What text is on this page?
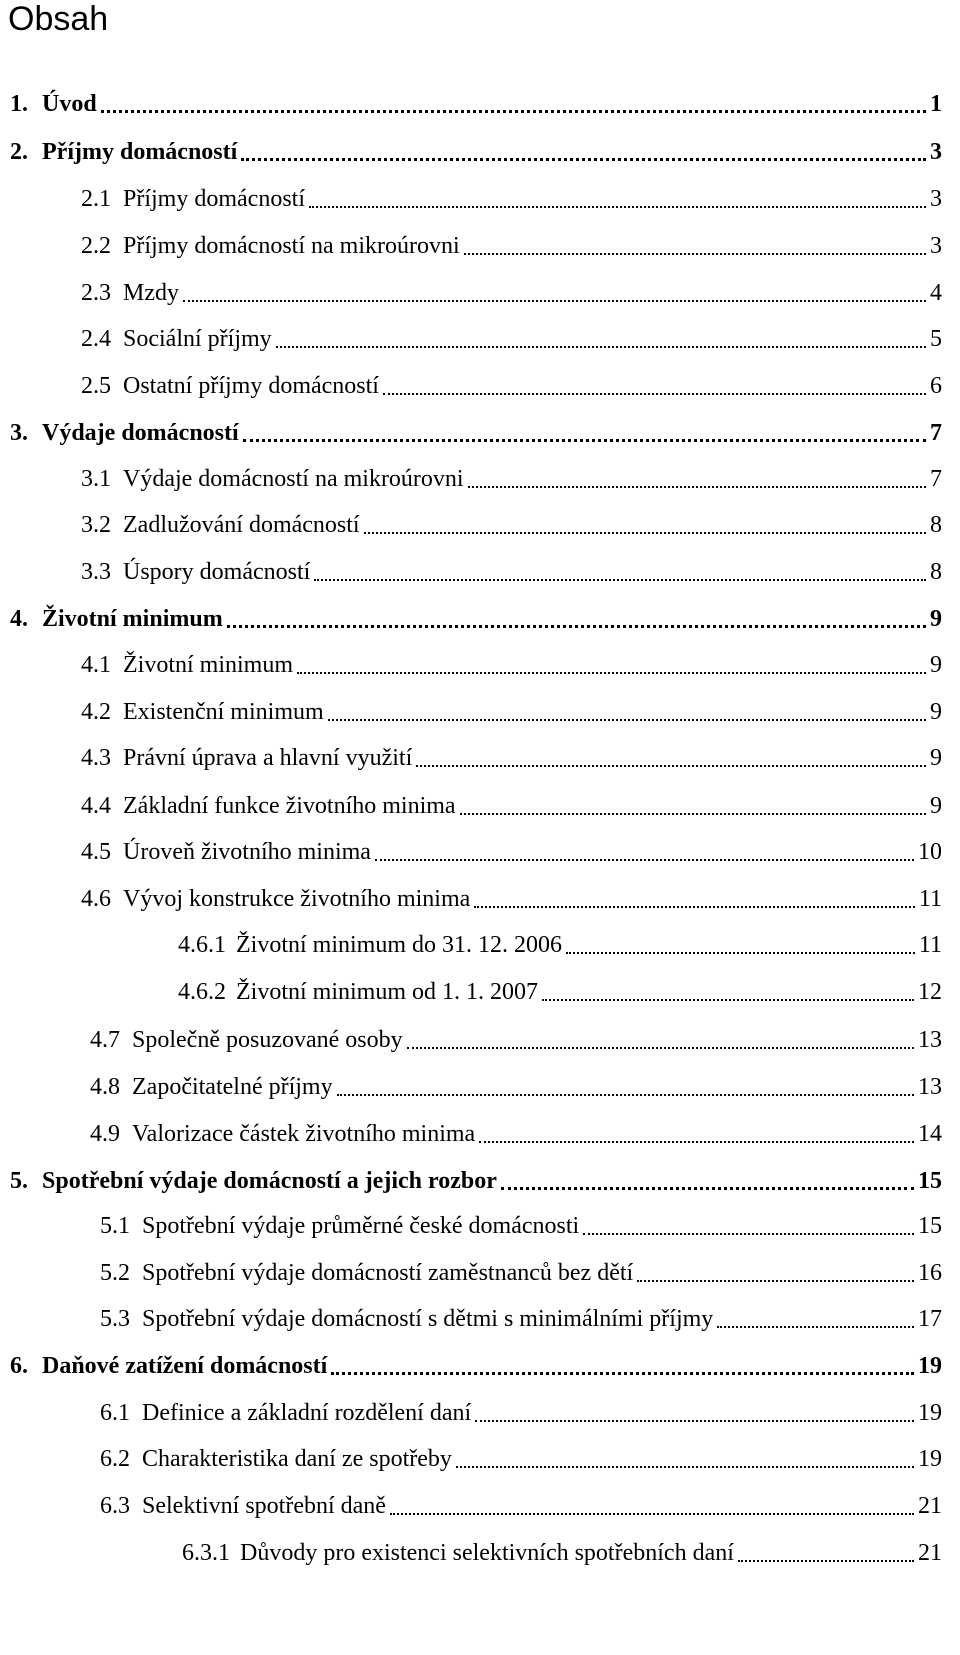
Obsah
1. Úvod	1
2. Příjmy domácností	3
2.1 Příjmy domácností	3
2.2 Příjmy domácností na mikroúrovni	3
2.3 Mzdy	4
2.4 Sociální příjmy	5
2.5 Ostatní příjmy domácností	6
3. Výdaje domácností	7
3.1 Výdaje domácností na mikroúrovni	7
3.2 Zadlužování domácností	8
3.3 Úspory domácností	8
4. Životní minimum	9
4.1 Životní minimum	9
4.2 Existenční minimum	9
4.3 Právní úprava a hlavní využití	9
4.4 Základní funkce životního minima	9
4.5 Úroveň životního minima	10
4.6 Vývoj konstrukce životního minima	11
4.6.1 Životní minimum do 31. 12. 2006	11
4.6.2 Životní minimum od 1. 1. 2007	12
4.7 Společně posuzované osoby	13
4.8 Započitatelné příjmy	13
4.9 Valorizace částek životního minima	14
5. Spotřební výdaje domácností a jejich rozbor	15
5.1 Spotřební výdaje průměrné české domácnosti	15
5.2 Spotřební výdaje domácností zaměstnanců bez dětí	16
5.3 Spotřební výdaje domácností s dětmi s minimálními příjmy	17
6. Daňové zatížení domácností	19
6.1 Definice a základní rozdělení daní	19
6.2 Charakteristika daní ze spotřeby	19
6.3 Selektivní spotřební daně	21
6.3.1 Důvody pro existenci selektivních spotřebních daní	21
